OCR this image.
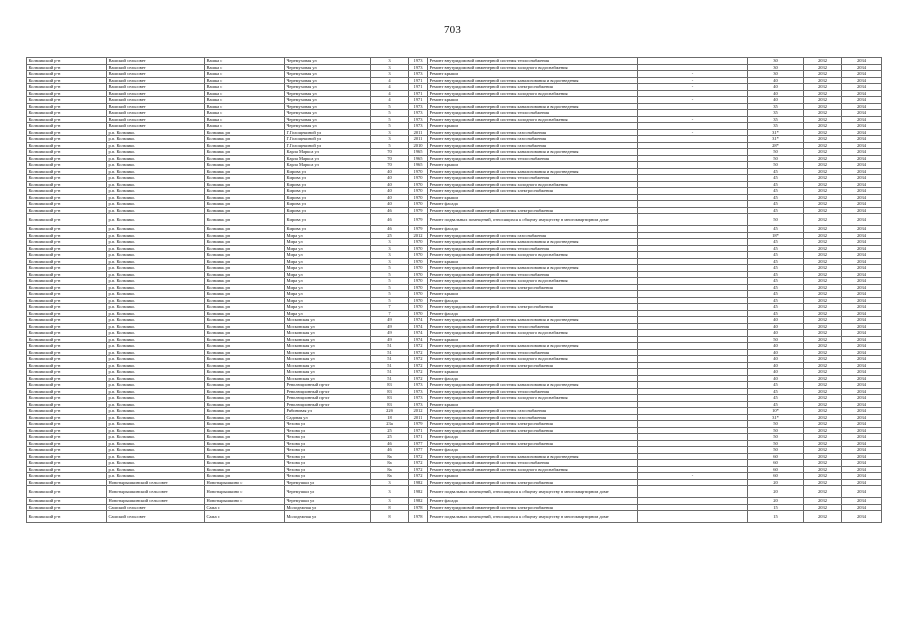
703
Кольчикский р-н	Вашский сельсовет	Вашка с	Черемуховая ул	3	1973	Ремонт внутридомовой инженерной системы теплоснабжения		30	2032	2034
Кольчикский р-н	Вашский сельсовет	Вашка с	Черемуховая ул	3	1973	Ремонт внутридомовой инженерной системы холодного водоснабжения		30	2032	2034
Кольчикский р-н	Вашский сельсовет	Вашка с	Черемуховая ул	3	1973	Ремонт крыши	-	30	2032	2034
Кольчикский р-н	Вашский сельсовет	Вашка с	Черемуховая ул	4	1971	Ремонт внутридомовой инженерной системы канализования и водоотведения	-	40	2032	2034
Кольчикский р-н	Вашский сельсовет	Вашка с	Черемуховая ул	4	1971	Ремонт внутридомовой инженерной системы электроснабжения	-	40	2032	2034
Кольчикский р-н	Вашский сельсовет	Вашка с	Черемуховая ул	4	1971	Ремонт внутридомовой инженерной системы холодного водоснабжения		40	2032	2034
Кольчикский р-н	Вашский сельсовет	Вашка с	Черемуховая ул	4	1971	Ремонт крыши	-	40	2032	2034
Кольчикский р-н	Вашский сельсовет	Вашка с	Черемуховая ул	5	1973	Ремонт внутридомовой инженерной системы канализования и водоотведения		35	2032	2034
Кольчикский р-н	Вашский сельсовет	Вашка с	Черемуховая ул	5	1973	Ремонт внутридомовой инженерной системы теплоснабжения		35	2032	2034
Кольчикский р-н	Вашский сельсовет	Вашка с	Черемуховая ул	5	1973	Ремонт внутридомовой инженерной системы холодного водоснабжения	-	35	2032	2034
Кольчикский р-н	Вашский сельсовет	Вашка с	Черемуховая ул	5	1973	Ремонт крыши		35	2032	2034
Кольчикский р-н	р.п. Кольчикь	Кольчикь рп	Г.Голощекиной ул	3	2011	Ремонт внутридомовой инженерной системы газоснабжения	-	31*	2032	2034
Кольчикский р-н	р.п. Кольчикь	Кольчикь рп	Г.Голощекиной ул	3	2011	Ремонт внутридомовой инженерной системы газоснабжения		31*	2032	2034
Кольчикский р-н	р.п. Кольчикь	Кольчикь рп	Г.Голощекиной ул	5	2010	Ремонт внутридомовой инженерной системы газоснабжения		28*	2032	2034
Кольчикский р-н	р.п. Кольчикь	Кольчикь рп	Карла Маркса ул	70	1965	Ремонт внутридомовой инженерной системы канализования и водоотведения		50	2032	2034
Кольчикский р-н	р.п. Кольчикь	Кольчикь рп	Карла Маркса ул	70	1965	Ремонт внутридомовой инженерной системы теплоснабжения		50	2032	2034
Кольчикский р-н	р.п. Кольчикь	Кольчикь рп	Карла Маркса ул	70	1965	Ремонт крыши		50	2032	2034
Кольчикский р-н	р.п. Кольчикь	Кольчикь рп	Кирова ул	40	1970	Ремонт внутридомовой инженерной системы канализования и водоотведения		45	2032	2034
Кольчикский р-н	р.п. Кольчикь	Кольчикь рп	Кирова ул	40	1970	Ремонт внутридомовой инженерной системы теплоснабжения		45	2032	2034
Кольчикский р-н	р.п. Кольчикь	Кольчикь рп	Кирова ул	40	1970	Ремонт внутридомовой инженерной системы холодного водоснабжения		45	2032	2034
Кольчикский р-н	р.п. Кольчикь	Кольчикь рп	Кирова ул	40	1970	Ремонт внутридомовой инженерной системы электроснабжения		45	2032	2034
Кольчикский р-н	р.п. Кольчикь	Кольчикь рп	Кирова ул	40	1970	Ремонт крыши		45	2032	2034
Кольчикский р-н	р.п. Кольчикь	Кольчикь рп	Кирова ул	40	1970	Ремонт фасада		45	2032	2034
Кольчикский р-н	р.п. Кольчикь	Кольчикь рп	Кирова ул	46	1979	Ремонт внутридомовой инженерной системы электроснабжения		45	2032	2034
Кольчикский р-н	р.п. Кольчикь	Кольчикь рп	Кирова ул	46	1979	Ремонт подвальных помещений, относящихся к общему имуществу в многоквартирном доме		50	2032	2034
Кольчикский р-н	р.п. Кольчикь	Кольчикь рп	Кирова ул	46	1979	Ремонт фасада		45	2032	2034
Кольчикский р-н	р.п. Кольчикь	Кольчикь рп	Мира ул	25	2012	Ремонт внутридомовой инженерной системы газоснабжения		18*	2032	2034
Кольчикский р-н	р.п. Кольчикь	Кольчикь рп	Мира ул	3	1970	Ремонт внутридомовой инженерной системы канализования и водоотведения		45	2032	2034
Кольчикский р-н	р.п. Кольчикь	Кольчикь рп	Мира ул	3	1970	Ремонт внутридомовой инженерной системы теплоснабжения		45	2032	2034
Кольчикский р-н	р.п. Кольчикь	Кольчикь рп	Мира ул	3	1970	Ремонт внутридомовой инженерной системы холодного водоснабжения		45	2032	2034
Кольчикский р-н	р.п. Кольчикь	Кольчикь рп	Мира ул	3	1970	Ремонт крыши		45	2032	2034
Кольчикский р-н	р.п. Кольчикь	Кольчикь рп	Мира ул	5	1970	Ремонт внутридомовой инженерной системы канализования и водоотведения		45	2032	2034
Кольчикский р-н	р.п. Кольчикь	Кольчикь рп	Мира ул	5	1970	Ремонт внутридомовой инженерной системы теплоснабжения		45	2032	2034
Кольчикский р-н	р.п. Кольчикь	Кольчикь рп	Мира ул	5	1970	Ремонт внутридомовой инженерной системы холодного водоснабжения		45	2032	2034
Кольчикский р-н	р.п. Кольчикь	Кольчикь рп	Мира ул	5	1970	Ремонт внутридомовой инженерной системы электроснабжения		45	2032	2034
Кольчикский р-н	р.п. Кольчикь	Кольчикь рп	Мира ул	5	1970	Ремонт крыши		45	2032	2034
Кольчикский р-н	р.п. Кольчикь	Кольчикь рп	Мира ул	5	1970	Ремонт фасада		45	2032	2034
Кольчикский р-н	р.п. Кольчикь	Кольчикь рп	Мира ул	7	1970	Ремонт внутридомовой инженерной системы электроснабжения		45	2032	2034
Кольчикский р-н	р.п. Кольчикь	Кольчикь рп	Мира ул	7	1970	Ремонт фасада		45	2032	2034
Кольчикский р-н	р.п. Кольчикь	Кольчикь рп	Московская ул	49	1974	Ремонт внутридомовой инженерной системы канализования и водоотведения		40	2032	2034
Кольчикский р-н	р.п. Кольчикь	Кольчикь рп	Московская ул	49	1974	Ремонт внутридомовой инженерной системы теплоснабжения		40	2032	2034
Кольчикский р-н	р.п. Кольчикь	Кольчикь рп	Московская ул	49	1974	Ремонт внутридомовой инженерной системы холодного водоснабжения		40	2032	2034
Кольчикский р-н	р.п. Кольчикь	Кольчикь рп	Московская ул	49	1974	Ремонт крыши		50	2032	2034
Кольчикский р-н	р.п. Кольчикь	Кольчикь рп	Московская ул	51	1972	Ремонт внутридомовой инженерной системы канализования и водоотведения		40	2032	2034
Кольчикский р-н	р.п. Кольчикь	Кольчикь рп	Московская ул	51	1972	Ремонт внутридомовой инженерной системы теплоснабжения		40	2032	2034
Кольчикский р-н	р.п. Кольчикь	Кольчикь рп	Московская ул	51	1972	Ремонт внутридомовой инженерной системы холодного водоснабжения		40	2032	2034
Кольчикский р-н	р.п. Кольчикь	Кольчикь рп	Московская ул	51	1972	Ремонт внутридомовой инженерной системы электроснабжения		40	2032	2034
Кольчикский р-н	р.п. Кольчикь	Кольчикь рп	Московская ул	51	1972	Ремонт крыши		40	2032	2034
Кольчикский р-н	р.п. Кольчикь	Кольчикь рп	Московская ул	51	1972	Ремонт фасада		40	2032	2034
Кольчикский р-н	р.п. Кольчикь	Кольчикь рп	Революционный пр-кт	83	1973	Ремонт внутридомовой инженерной системы канализования и водоотведения		45	2032	2034
Кольчикский р-н	р.п. Кольчикь	Кольчикь рп	Революционный пр-кт	83	1973	Ремонт внутридомовой инженерной системы теплоснабжения		45	2032	2034
Кольчикский р-н	р.п. Кольчикь	Кольчикь рп	Революционный пр-кт	83	1973	Ремонт внутридомовой инженерной системы холодного водоснабжения		45	2032	2034
Кольчикский р-н	р.п. Кольчикь	Кольчикь рп	Революционный пр-кт	83	1973	Ремонт крыши		45	2032	2034
Кольчикский р-н	р.п. Кольчикь	Кольчикь рп	Рябиновая ул	22б	2012	Ремонт внутридомовой инженерной системы газоснабжения		10*	2032	2034
Кольчикский р-н	р.п. Кольчикь	Кольчикь рп	Садовая ул	18	2011	Ремонт внутридомовой инженерной системы газоснабжения		31*	2032	2034
Кольчикский р-н	р.п. Кольчикь	Кольчикь рп	Чехова ул	23а	1979	Ремонт внутридомовой инженерной системы электроснабжения		50	2032	2034
Кольчикский р-н	р.п. Кольчикь	Кольчикь рп	Чехова ул	25	1971	Ремонт внутридомовой инженерной системы электроснабжения		50	2032	2034
Кольчикский р-н	р.п. Кольчикь	Кольчикь рп	Чехова ул	25	1971	Ремонт фасада		50	2032	2034
Кольчикский р-н	р.п. Кольчикь	Кольчикь рп	Чехова ул	46	1977	Ремонт внутридомовой инженерной системы электроснабжения		50	2032	2034
Кольчикский р-н	р.п. Кольчикь	Кольчикь рп	Чехова ул	46	1977	Ремонт фасада		50	2032	2034
Кольчикский р-н	р.п. Кольчикь	Кольчикь рп	Чехова ул	8а	1972	Ремонт внутридомовой инженерной системы канализования и водоотведения		60	2032	2034
Кольчикский р-н	р.п. Кольчикь	Кольчикь рп	Чехова ул	8а	1972	Ремонт внутридомовой инженерной системы теплоснабжения		60	2032	2034
Кольчикский р-н	р.п. Кольчикь	Кольчикь рп	Чехова ул	8а	1972	Ремонт внутридомовой инженерной системы холодного водоснабжения		60	2032	2034
Кольчикский р-н	р.п. Кольчикь	Кольчикь рп	Чехова ул	8а	1972	Ремонт крыши	-	60	2032	2034
Кольчикский р-н	Новотырышкинский сельсовет	Новотырышкино с	Черемушки ул	3	1982	Ремонт внутридомовой инженерной системы электроснабжения		20	2032	2034
Кольчикский р-н	Новотырышкинский сельсовет	Новотырышкино с	Черемушки ул	3	1982	Ремонт подвальных помещений, относящихся к общему имуществу в многоквартирном доме		20	2032	2034
Кольчикский р-н	Новотырышкинский сельсовет	Новотырышкино с	Черемушки ул	3	1982	Ремонт фасада		20	2032	2034
Кольчикский р-н	Сашский сельсовет	Сажа с	Молодежная ул	8	1978	Ремонт внутридомовой инженерной системы электроснабжения		15	2032	2034
Кольчикский р-н	Сашский сельсовет	Сажа с	Молодежная ул	8	1978	Ремонт подвальных помещений, относящихся к общему имуществу в многоквартирном доме		15	2032	2034
